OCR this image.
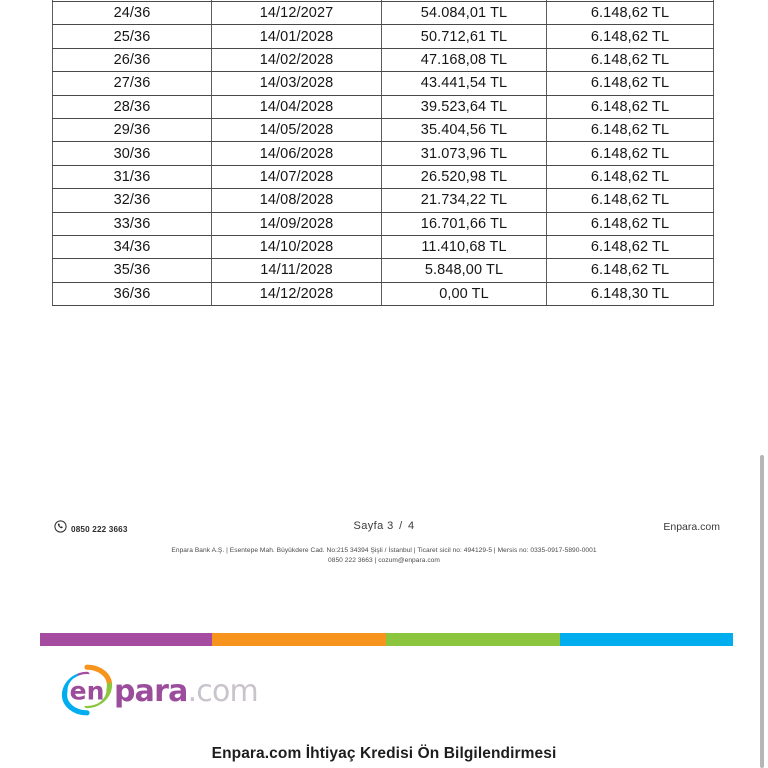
24/36	14/12/2027	54.084,01 TL	6.148,62 TL
25/36	14/01/2028	50.712,61 TL	6.148,62 TL
26/36	14/02/2028	47.168,08 TL	6.148,62 TL
27/36	14/03/2028	43.441,54 TL	6.148,62 TL
28/36	14/04/2028	39.523,64 TL	6.148,62 TL
29/36	14/05/2028	35.404,56 TL	6.148,62 TL
30/36	14/06/2028	31.073,96 TL	6.148,62 TL
31/36	14/07/2028	26.520,98 TL	6.148,62 TL
32/36	14/08/2028	21.734,22 TL	6.148,62 TL
33/36	14/09/2028	16.701,66 TL	6.148,62 TL
34/36	14/10/2028	11.410,68 TL	6.148,62 TL
35/36	14/11/2028	5.848,00 TL	6.148,62 TL
36/36	14/12/2028	0,00 TL	6.148,30 TL
0850 222 3663	Sayfa 3 / 4	Enpara.com
Enpara Bank A.Ş. | Esentepe Mah. Büyükdere Cad. No:215 34394 Şişli / İstanbul | Ticaret sicil no: 494129-5 | Mersis no: 0335-0917-5890-0001
0850 222 3663 | cozum@enpara.com
en para.com
Enpara.com İhtiyaç Kredisi Ön Bilgilendirmesi
